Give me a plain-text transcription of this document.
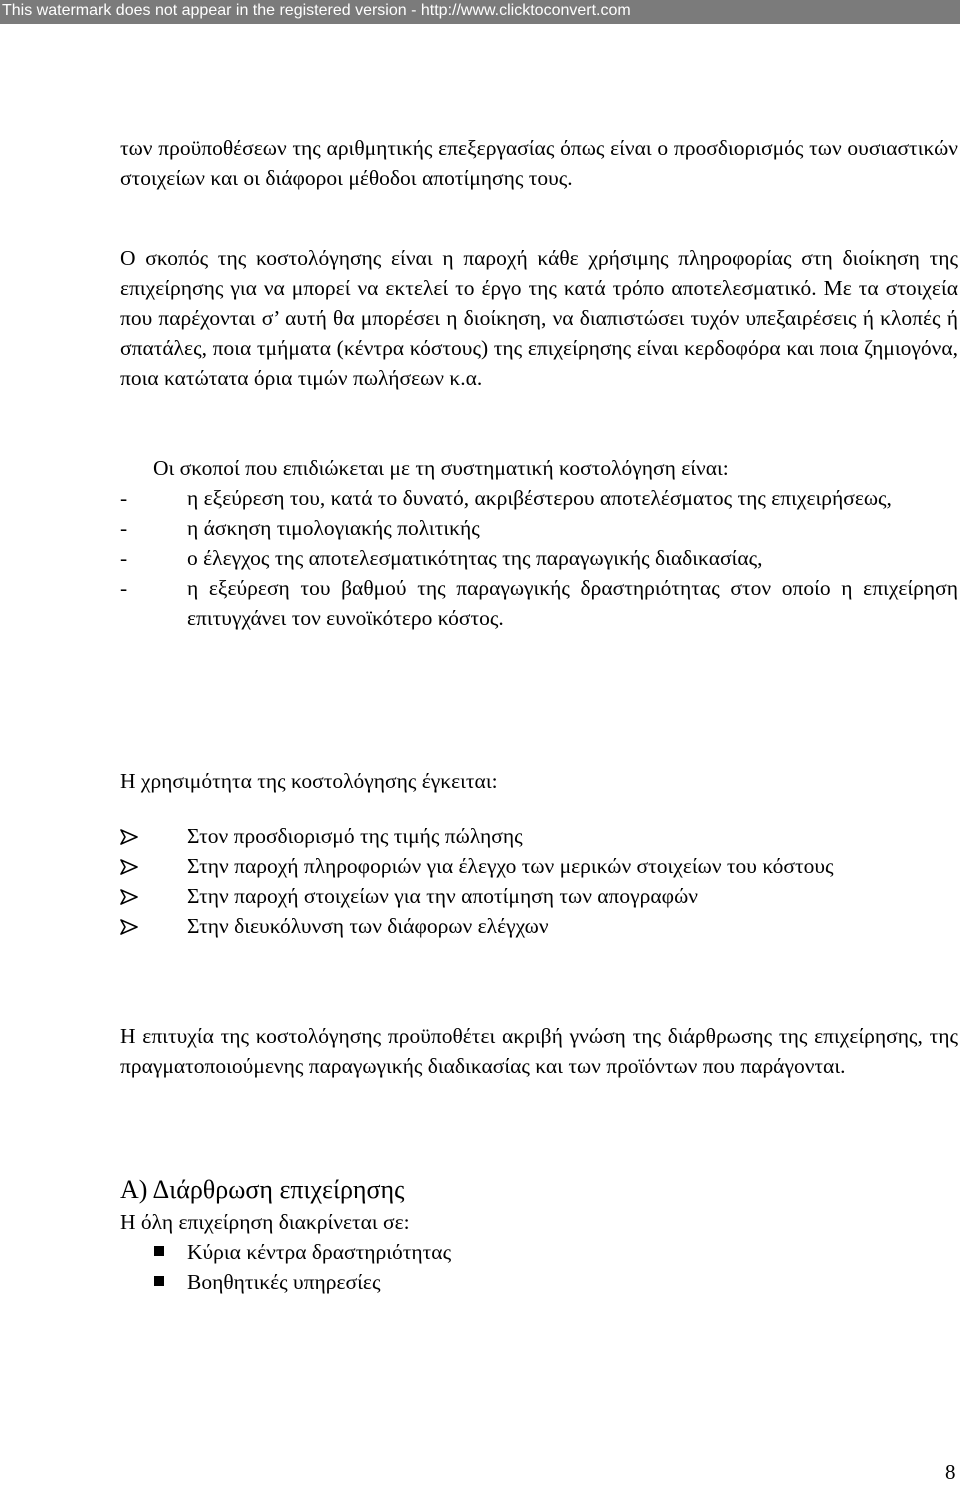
This watermark does not appear in the registered version - http://www.clicktoconvert.com

των προϋποθέσεων της αριθμητικής επεξεργασίας όπως είναι ο προσδιορισμός των ουσιαστικών στοιχείων και οι διάφοροι μέθοδοι αποτίμησης τους.

Ο σκοπός της κοστολόγησης είναι η παροχή κάθε χρήσιμης πληροφορίας στη διοίκηση της επιχείρησης για να μπορεί να εκτελεί το έργο της κατά τρόπο αποτελεσματικό. Με τα στοιχεία που παρέχονται σ’ αυτή θα μπορέσει η διοίκηση, να διαπιστώσει τυχόν υπεξαιρέσεις ή κλοπές ή σπατάλες, ποια τμήματα (κέντρα κόστους) της επιχείρησης είναι κερδοφόρα και ποια ζημιογόνα, ποια κατώτατα όρια τιμών πωλήσεων κ.α.

Οι σκοποί που επιδιώκεται με τη συστηματική κοστολόγηση είναι:

-	η εξεύρεση του, κατά το δυνατό, ακριβέστερου αποτελέσματος της επιχειρήσεως,
-	η άσκηση τιμολογιακής πολιτικής
-	ο έλεγχος της αποτελεσματικότητας της παραγωγικής διαδικασίας,
-	η εξεύρεση του βαθμού της παραγωγικής δραστηριότητας στον οποίο η επιχείρηση επιτυγχάνει τον ευνοϊκότερο κόστος.

Η χρησιμότητα της κοστολόγησης έγκειται:

Στον προσδιορισμό της τιμής πώλησης
Στην παροχή πληροφοριών για έλεγχο των μερικών στοιχείων του κόστους
Στην παροχή στοιχείων για την αποτίμηση των απογραφών
Στην διευκόλυνση των διάφορων ελέγχων

Η επιτυχία της κοστολόγησης προϋποθέτει ακριβή γνώση της διάρθρωσης της επιχείρησης, της πραγματοποιούμενης παραγωγικής διαδικασίας και των προϊόντων που παράγονται.

Α) Διάρθρωση επιχείρησης

Η όλη επιχείρηση διακρίνεται σε:

Κύρια κέντρα δραστηριότητας
Βοηθητικές υπηρεσίες
8
